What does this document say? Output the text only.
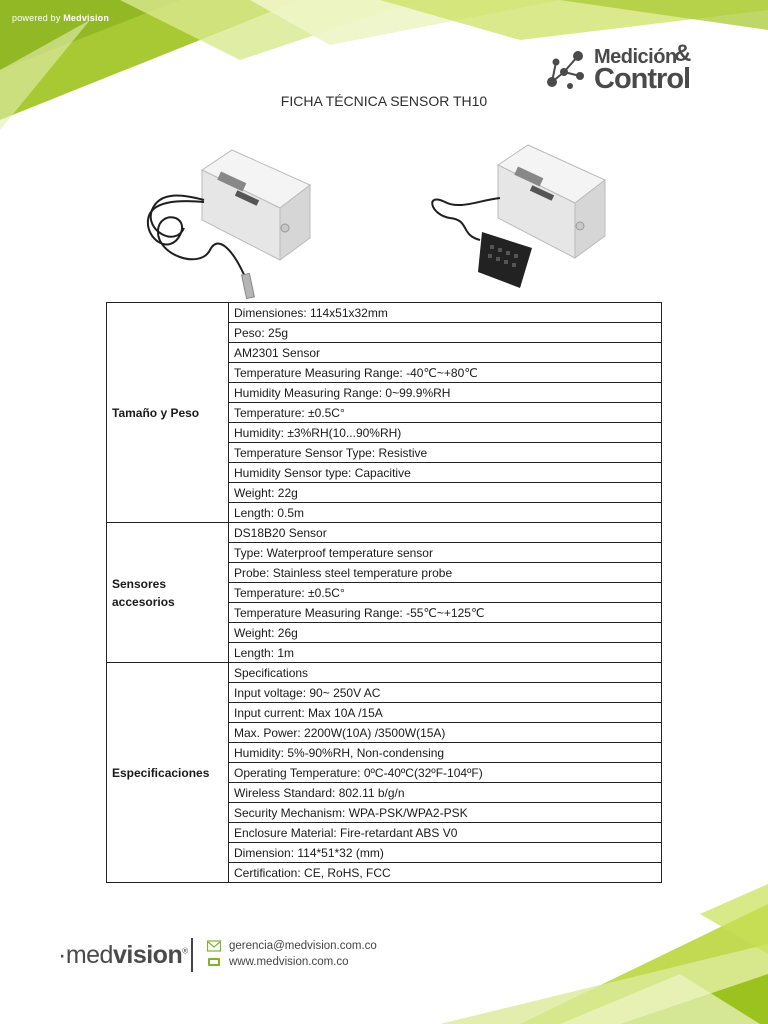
powered by Medvision
Medición
&
Control
FICHA TÉCNICA SENSOR TH10
Tamaño y Peso	Dimensiones: 114x51x32mm
	Peso: 25g
	AM2301 Sensor
	Temperature Measuring Range: -40℃~+80℃
	Humidity Measuring Range: 0~99.9%RH
	Temperature: ±0.5C°
	Humidity: ±3%RH(10...90%RH)
	Temperature Sensor Type: Resistive
	Humidity Sensor type: Capacitive
	Weight: 22g
	Length: 0.5m
Sensores accesorios	DS18B20 Sensor
	Type: Waterproof temperature sensor
	Probe: Stainless steel temperature probe
	Temperature: ±0.5C°
	Temperature Measuring Range: -55℃~+125℃
	Weight: 26g
	Length: 1m
Especificaciones	Specifications
	Input voltage: 90~ 250V AC
	Input current: Max 10A /15A
	Max. Power: 2200W(10A) /3500W(15A)
	Humidity: 5%-90%RH, Non-condensing
	Operating Temperature: 0ºC-40ºC(32ºF-104ºF)
	Wireless Standard: 802.11 b/g/n
	Security Mechanism: WPA-PSK/WPA2-PSK
	Enclosure Material: Fire-retardant ABS V0
	Dimension: 114*51*32 (mm)
	Certification: CE, RoHS, FCC
·medvision®	gerencia@medvision.com.co
www.medvision.com.co
